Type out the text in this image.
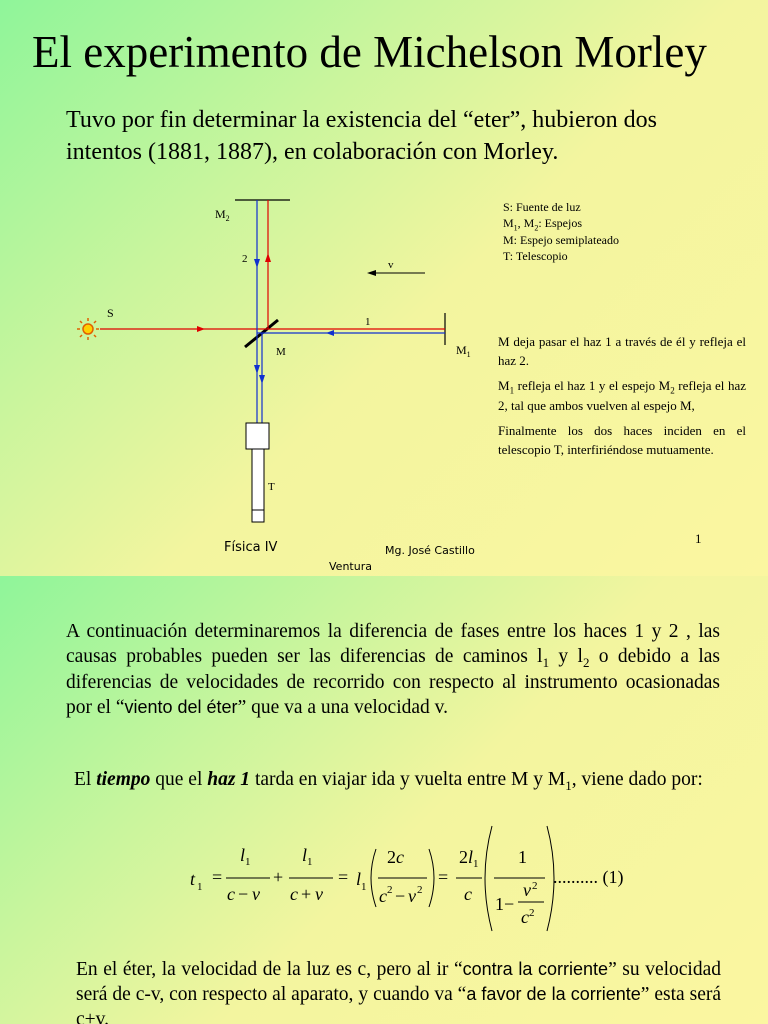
El experimento de Michelson Morley
Tuvo por fin determinar la existencia del “eter”, hubieron dos intentos (1881, 1887), en colaboración con Morley.
S
M	$M_1$
$M_2$
T
v
1
2
S: Fuente de luz
$M_1$, $M_2$: Espejos
M: Espejo semiplateado
T: Telescopio

M deja pasar el haz 1 a través de él y refleja el haz 2.

$M_1$ refleja el haz 1 y el espejo $M_2$ refleja el haz 2, tal que ambos vuelven al espejo M,

Finalmente los dos haces inciden en el telescopio T, interfiriéndose mutuamente.

Física IV	Mg. José Castillo
Ventura
1
A continuación determinaremos la diferencia de fases entre los haces 1 y 2 , las causas probables pueden ser las diferencias de caminos $l_1$ y $l_2$ o debido a las diferencias de velocidades de recorrido con respecto al instrumento ocasionadas por el “viento del éter” que va a una velocidad v.
El tiempo que el haz 1 tarda en viajar ida y vuelta entre M y $M_1$, viene dado por:
t 1 =
l 1
c − v
+
l 1
c + v
= l 1
2 c
c 2 − v 2
=
2 l 1
c
1
1−
v 2
c 2
.......... (1)
En el éter, la velocidad de la luz es c, pero al ir “contra la corriente” su velocidad será de c-v, con respecto al aparato, y cuando va “a favor de la corriente” esta será c+v.
